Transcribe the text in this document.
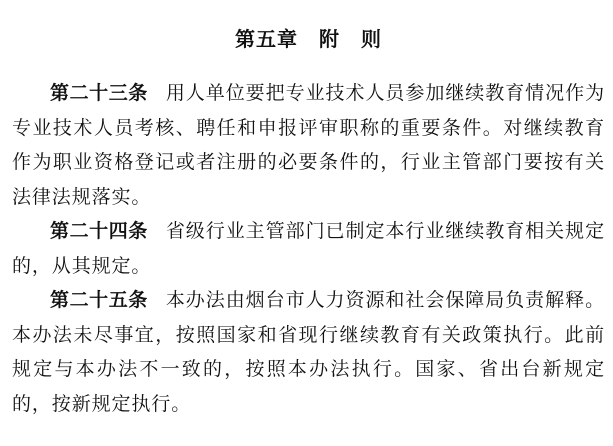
第五章　附　则

第二十三条 用人单位要把专业技术人员参加继续教育情况作为专业技术人员考核、聘任和申报评审职称的重要条件。对继续教育作为职业资格登记或者注册的必要条件的，行业主管部门要按有关法律法规落实。

第二十四条 省级行业主管部门已制定本行业继续教育相关规定的，从其规定。

第二十五条 本办法由烟台市人力资源和社会保障局负责解释。本办法未尽事宜，按照国家和省现行继续教育有关政策执行。此前规定与本办法不一致的，按照本办法执行。国家、省出台新规定的，按新规定执行。
